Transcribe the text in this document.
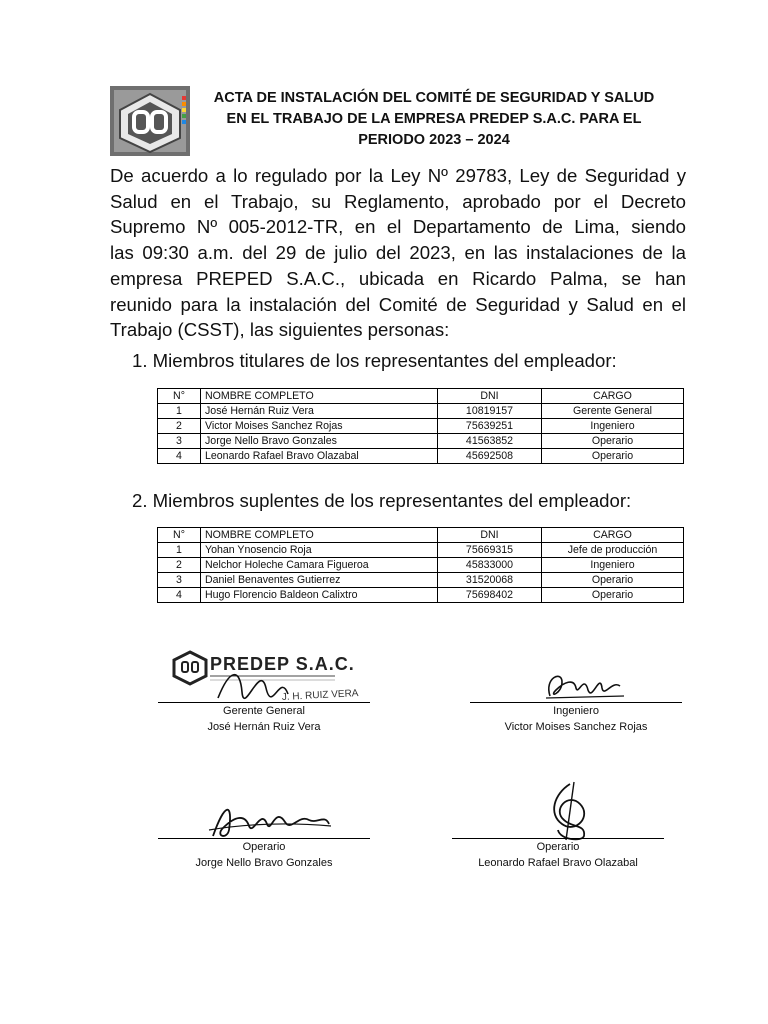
ACTA DE INSTALACIÓN DEL COMITÉ DE SEGURIDAD Y SALUD
EN EL TRABAJO DE LA EMPRESA PREDEP S.A.C. PARA EL
PERIODO 2023 – 2024
De acuerdo a lo regulado por la Ley Nº 29783, Ley de Seguridad y
Salud en el Trabajo, su Reglamento, aprobado por el Decreto
Supremo Nº 005-2012-TR, en el Departamento de Lima, siendo
las 09:30 a.m. del 29 de julio del 2023, en las instalaciones de la
empresa PREPED S.A.C., ubicada en Ricardo Palma, se han
reunido para la instalación del Comité de Seguridad y Salud en el
Trabajo (CSST), las siguientes personas:
1. Miembros titulares de los representantes del empleador:
N°	NOMBRE COMPLETO	DNI	CARGO
1	José Hernán Ruiz Vera	10819157	Gerente General
2	Victor Moises Sanchez Rojas	75639251	Ingeniero
3	Jorge Nello Bravo Gonzales	41563852	Operario
4	Leonardo Rafael Bravo Olazabal	45692508	Operario
2. Miembros suplentes de los representantes del empleador:
N°	NOMBRE COMPLETO	DNI	CARGO
1	Yohan Ynosencio Roja	75669315	Jefe de producción
2	Nelchor Holeche Camara Figueroa	45833000	Ingeniero
3	Daniel Benaventes Gutierrez	31520068	Operario
4	Hugo Florencio Baldeon Calixtro	75698402	Operario
PREDEP S.A.C.
J. H. RUIZ VERA
Gerente General
José Hernán Ruiz Vera
Ingeniero
Victor Moises Sanchez Rojas
Operario
Jorge Nello Bravo Gonzales
Operario
Leonardo Rafael Bravo Olazabal
